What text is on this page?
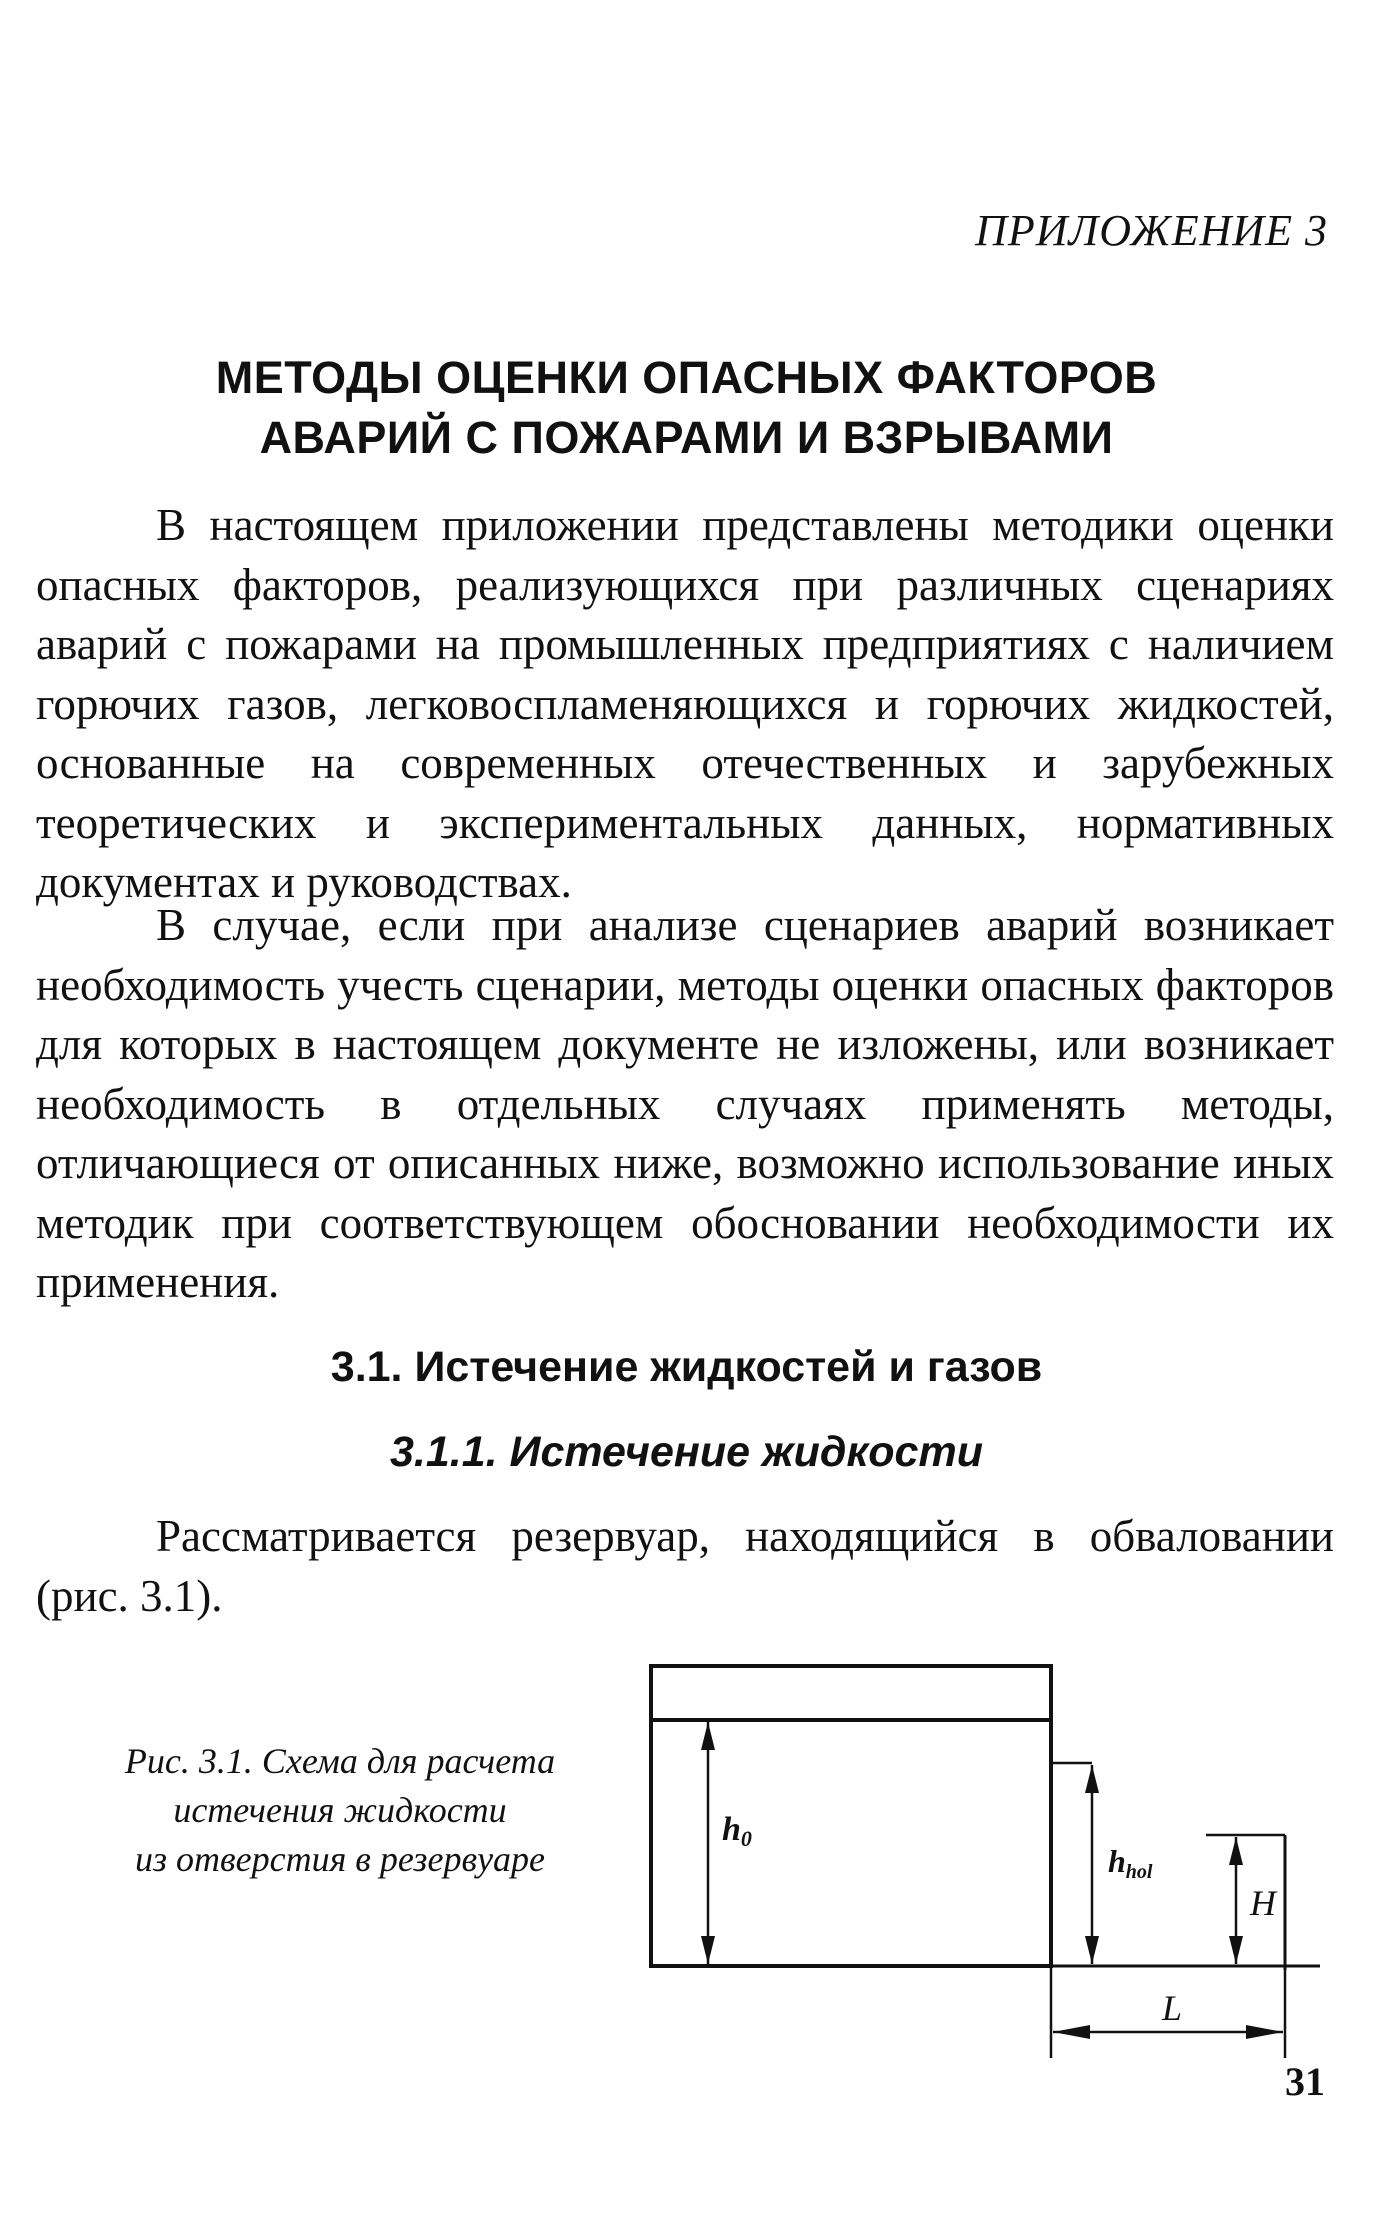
ПРИЛОЖЕНИЕ 3
МЕТОДЫ ОЦЕНКИ ОПАСНЫХ ФАКТОРОВ
АВАРИЙ С ПОЖАРАМИ И ВЗРЫВАМИ
В настоящем приложении представлены методики оценки опасных факторов, реализующихся при различных сценариях аварий с пожарами на промышленных предприятиях с наличием горючих газов, легковоспламеняющихся и горючих жидкостей, основанные на современных отечественных и зарубежных теоретических и экспериментальных данных, нормативных документах и руководствах.
В случае, если при анализе сценариев аварий возникает необходимость учесть сценарии, методы оценки опасных факторов для которых в настоящем документе не изложены, или возникает необходимость в отдельных случаях применять методы, отличающиеся от описанных ниже, возможно использование иных методик при соответствующем обосновании необходимости их применения.
3.1. Истечение жидкостей и газов
3.1.1. Истечение жидкости
Рассматривается резервуар, находящийся в обваловании (рис. 3.1).
Рис. 3.1. Схема для расчета
истечения жидкости
из отверстия в резервуаре
h0
hhol
H
L
31
